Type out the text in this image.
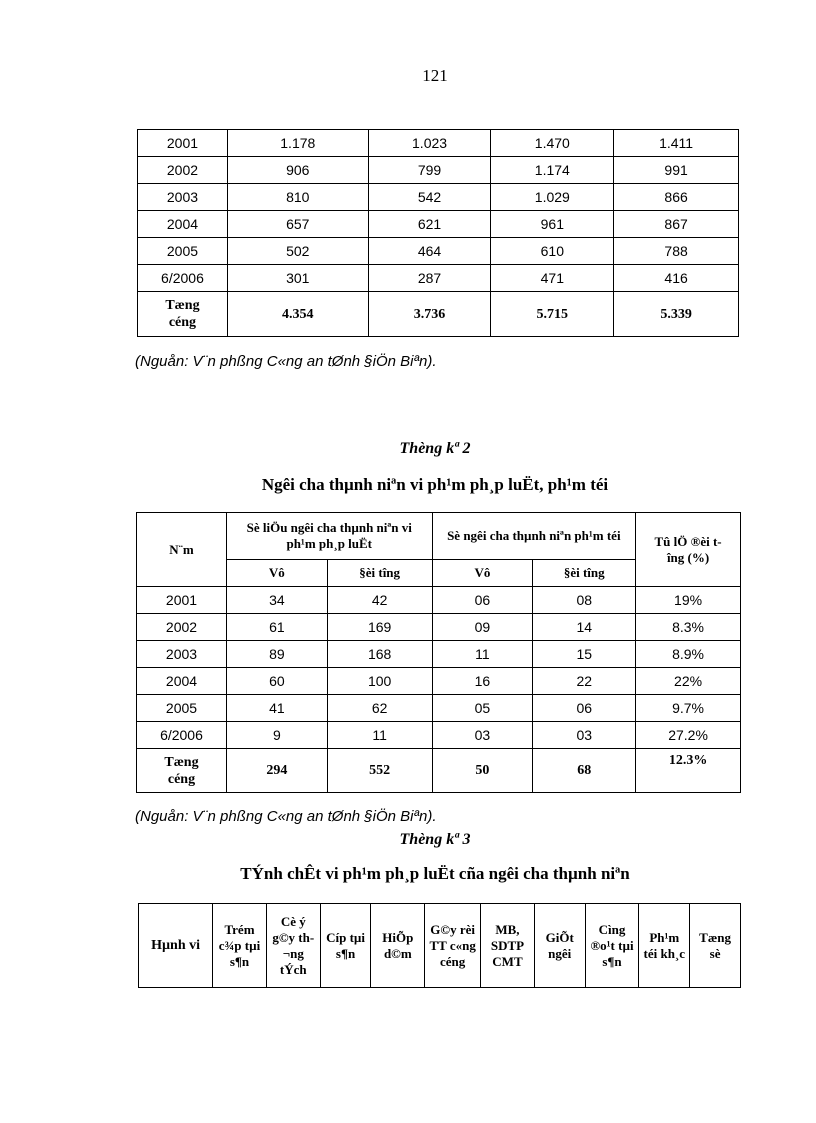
121
2001	1.178	1.023	1.470	1.411
2002	906	799	1.174	991
2003	810	542	1.029	866
2004	657	621	961	867
2005	502	464	610	788
6/2006	301	287	471	416
Tæng céng	4.354	3.736	5.715	5.339
(Nguån: V¨n phßng C«ng an tØnh §iÖn Biªn).
Thèng kª 2
Ngêi cha thµnh niªn vi ph¹m ph¸p luËt, ph¹m téi
N¨m	Sè liÖu ngêi cha thµnh niªn vi ph¹m ph¸p luËt		Sè ngêi cha thµnh niªn ph¹m téi		Tû lÖ ®èi tîng (%)
	Vô	§èi tîng	Vô	§èi tîng	
2001	34	42	06	08	19%
2002	61	169	09	14	8.3%
2003	89	168	11	15	8.9%
2004	60	100	16	22	22%
2005	41	62	05	06	9.7%
6/2006	9	11	03	03	27.2%
Tæng céng	294	552	50	68	12.3%
(Nguån: V¨n phßng C«ng an tØnh §iÖn Biªn).
Thèng kª 3
TÝnh chÊt vi ph¹m ph¸p luËt cña ngêi cha thµnh niªn
Hµnh vi	Trém c¾p tµi s¶n	Cè ý g©y th¬ng tÝch	Cíp tµi s¶n	HiÕp d©m	G©y rèi TT c«ng céng	MB, SDTP CMT	GiÕt ngêi	Cìng ®o¹t tµi s¶n	Ph¹m téi kh¸c	Tæng sè
